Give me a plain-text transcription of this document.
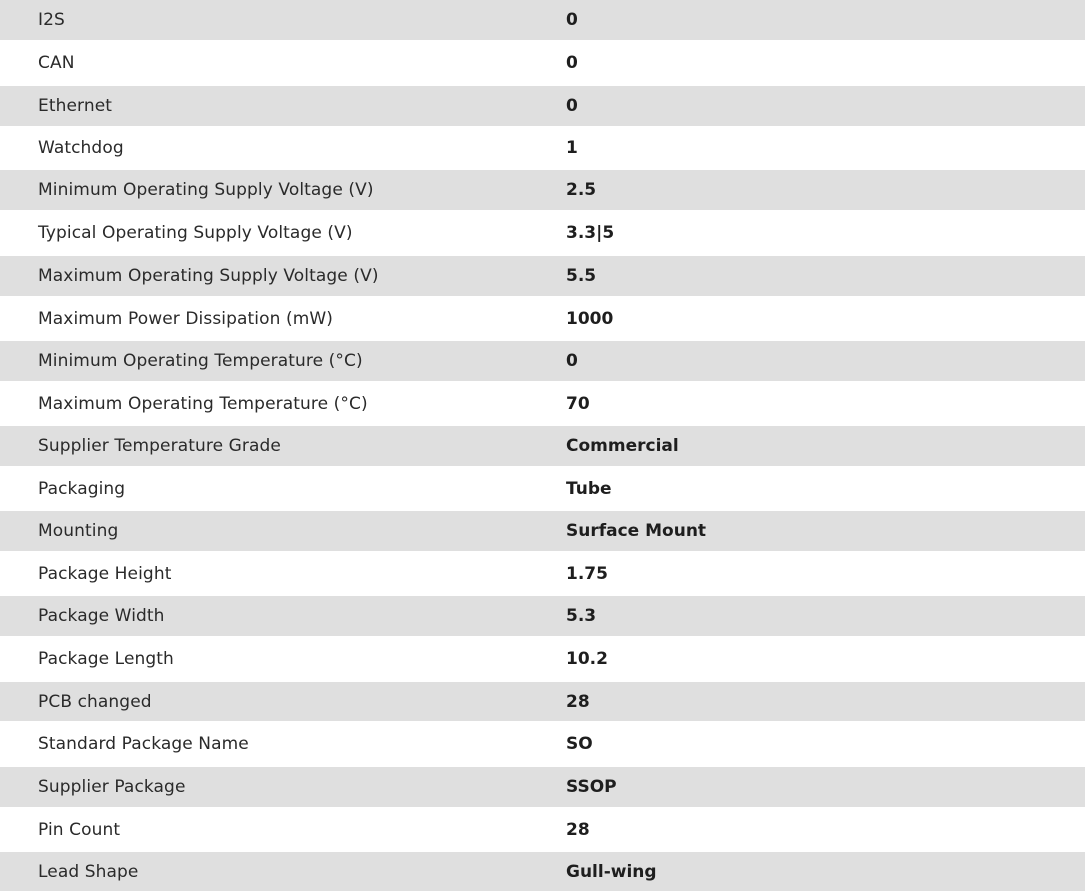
I2S	0
CAN	0
Ethernet	0
Watchdog	1
Minimum Operating Supply Voltage (V)	2.5
Typical Operating Supply Voltage (V)	3.3|5
Maximum Operating Supply Voltage (V)	5.5
Maximum Power Dissipation (mW)	1000
Minimum Operating Temperature (°C)	0
Maximum Operating Temperature (°C)	70
Supplier Temperature Grade	Commercial
Packaging	Tube
Mounting	Surface Mount
Package Height	1.75
Package Width	5.3
Package Length	10.2
PCB changed	28
Standard Package Name	SO
Supplier Package	SSOP
Pin Count	28
Lead Shape	Gull-wing
